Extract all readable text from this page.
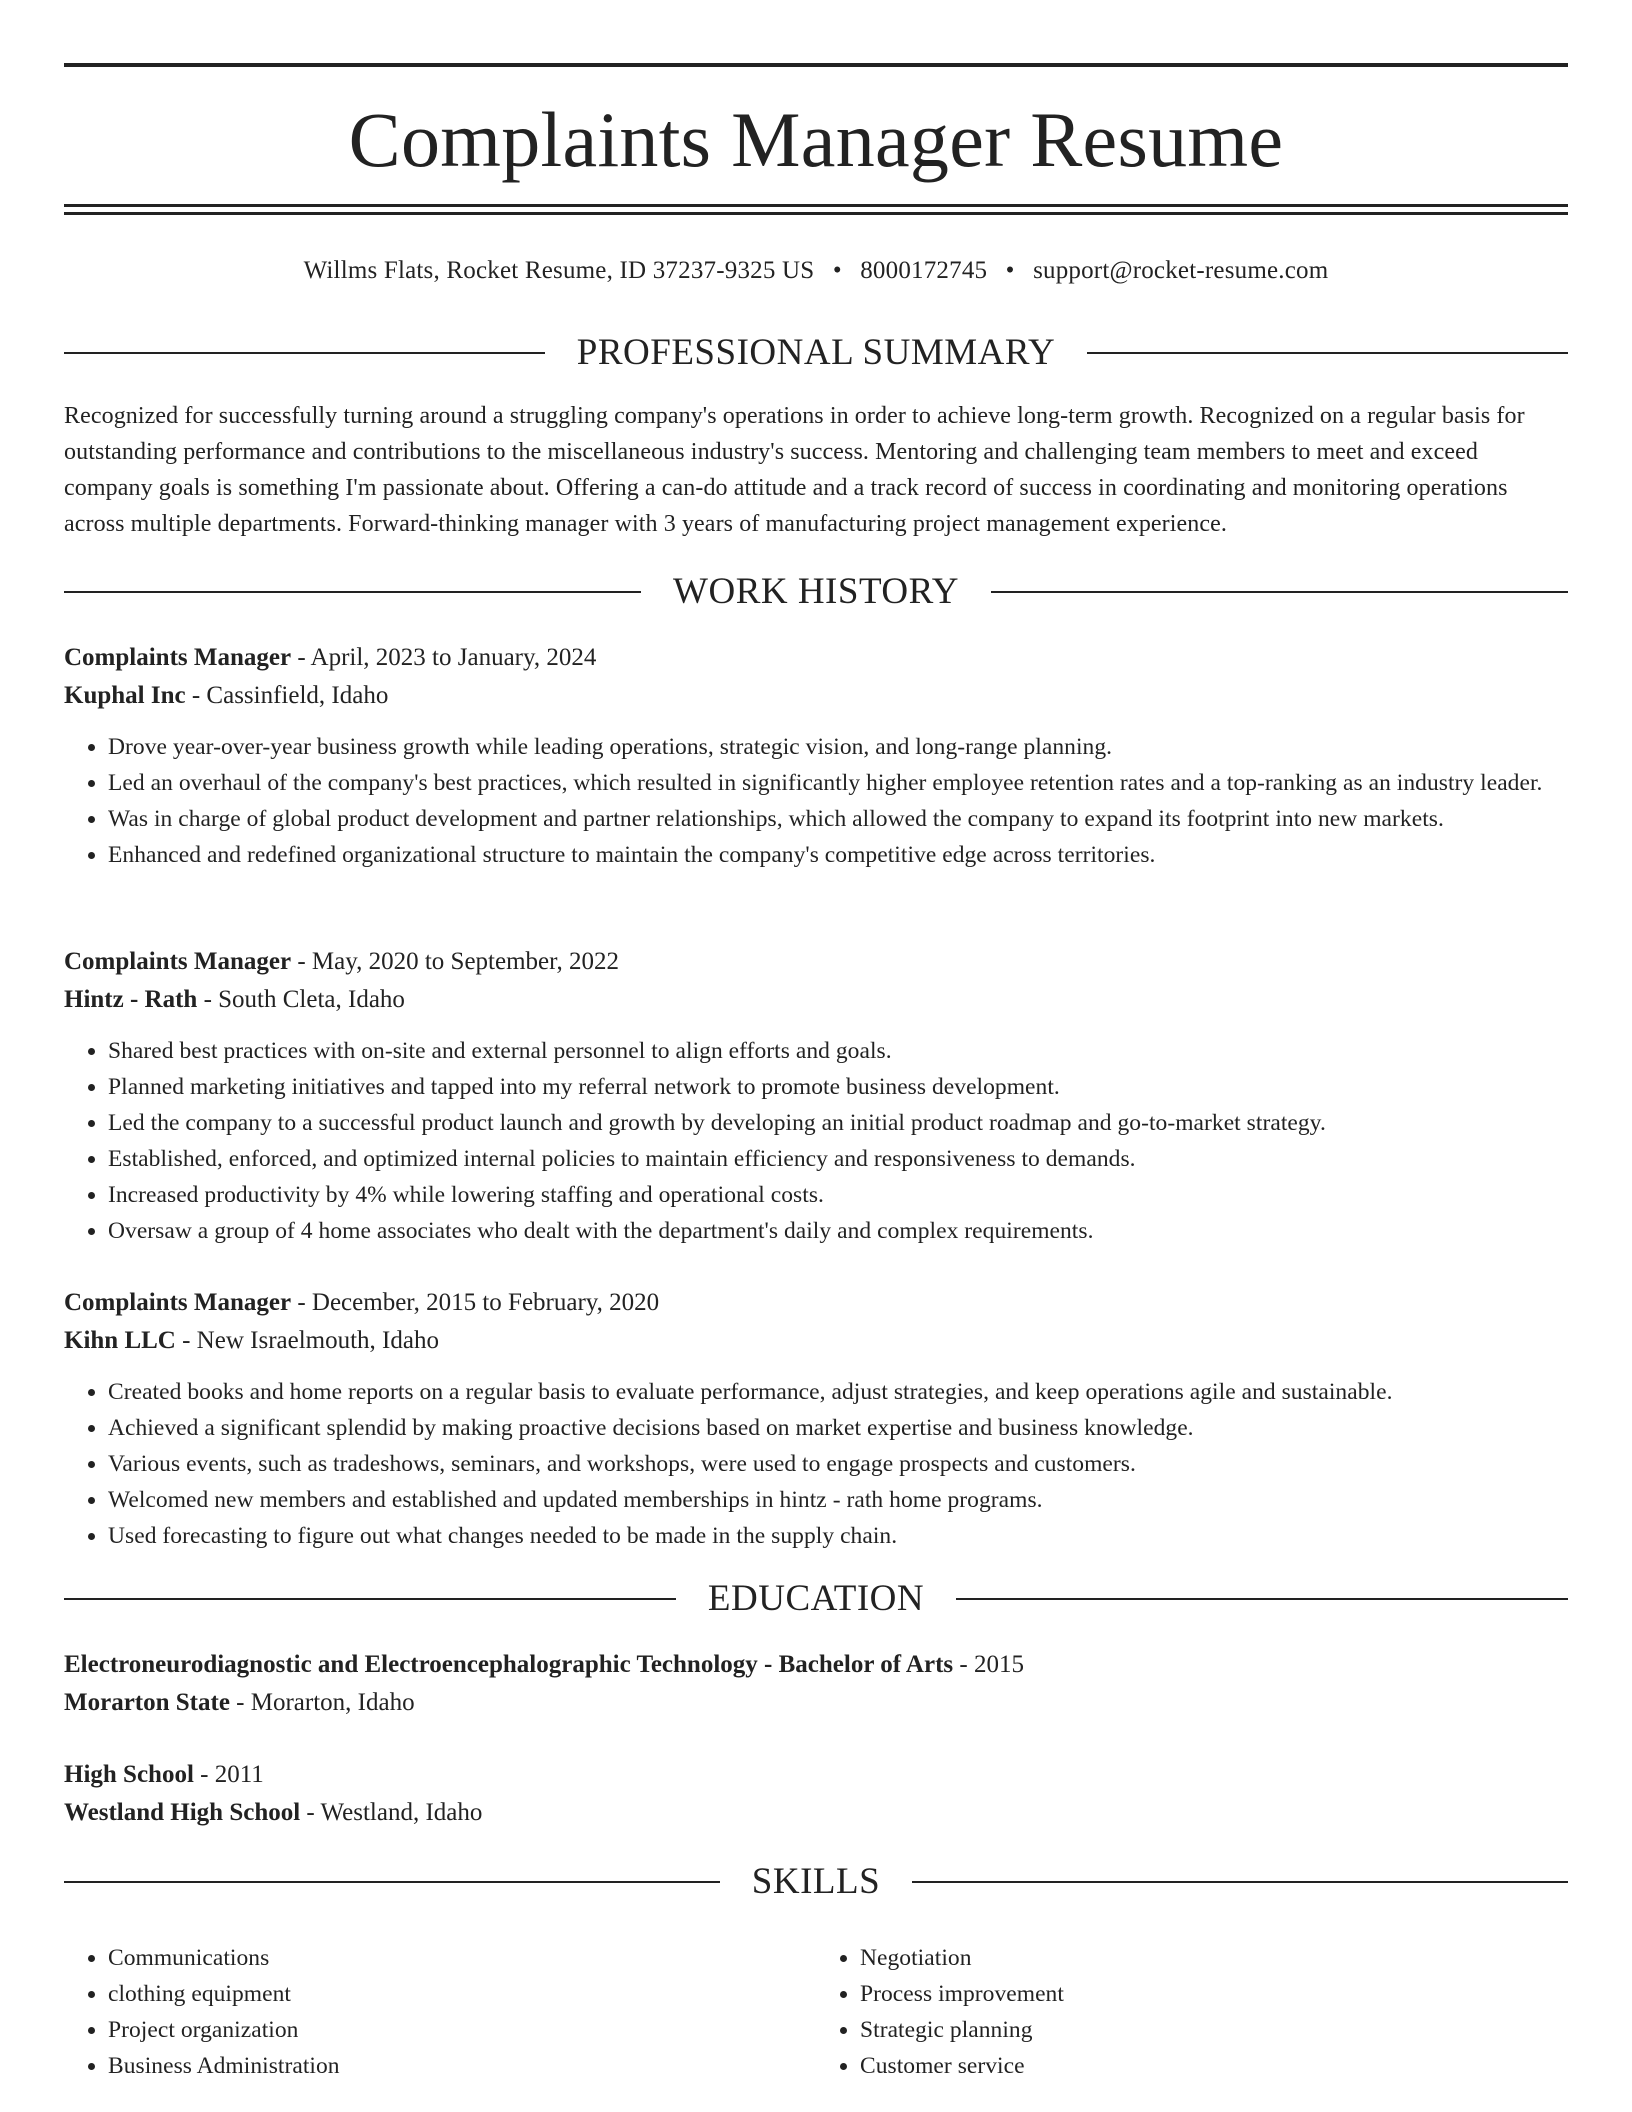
Complaints Manager Resume
Willms Flats, Rocket Resume, ID 37237-9325 US • 8000172745 • support@rocket-resume.com
PROFESSIONAL SUMMARY
Recognized for successfully turning around a struggling company's operations in order to achieve long-term growth. Recognized on a regular basis for outstanding performance and contributions to the miscellaneous industry's success. Mentoring and challenging team members to meet and exceed company goals is something I'm passionate about. Offering a can-do attitude and a track record of success in coordinating and monitoring operations across multiple departments. Forward-thinking manager with 3 years of manufacturing project management experience.
WORK HISTORY
Complaints Manager - April, 2023 to January, 2024
Kuphal Inc - Cassinfield, Idaho
• Drove year-over-year business growth while leading operations, strategic vision, and long-range planning.
• Led an overhaul of the company's best practices, which resulted in significantly higher employee retention rates and a top-ranking as an industry leader.
• Was in charge of global product development and partner relationships, which allowed the company to expand its footprint into new markets.
• Enhanced and redefined organizational structure to maintain the company's competitive edge across territories.
Complaints Manager - May, 2020 to September, 2022
Hintz - Rath - South Cleta, Idaho
• Shared best practices with on-site and external personnel to align efforts and goals.
• Planned marketing initiatives and tapped into my referral network to promote business development.
• Led the company to a successful product launch and growth by developing an initial product roadmap and go-to-market strategy.
• Established, enforced, and optimized internal policies to maintain efficiency and responsiveness to demands.
• Increased productivity by 4% while lowering staffing and operational costs.
• Oversaw a group of 4 home associates who dealt with the department's daily and complex requirements.
Complaints Manager - December, 2015 to February, 2020
Kihn LLC - New Israelmouth, Idaho
• Created books and home reports on a regular basis to evaluate performance, adjust strategies, and keep operations agile and sustainable.
• Achieved a significant splendid by making proactive decisions based on market expertise and business knowledge.
• Various events, such as tradeshows, seminars, and workshops, were used to engage prospects and customers.
• Welcomed new members and established and updated memberships in hintz - rath home programs.
• Used forecasting to figure out what changes needed to be made in the supply chain.
EDUCATION
Electroneurodiagnostic and Electroencephalographic Technology - Bachelor of Arts - 2015
Morarton State - Morarton, Idaho
High School - 2011
Westland High School - Westland, Idaho
SKILLS
• Communications
• clothing equipment
• Project organization
• Business Administration
• Negotiation
• Process improvement
• Strategic planning
• Customer service
